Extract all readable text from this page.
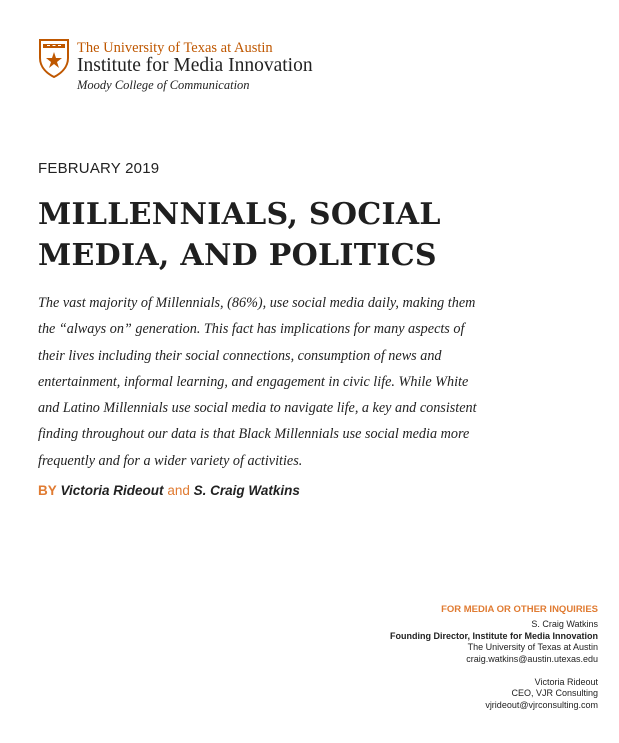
The University of Texas at Austin
Institute for Media Innovation
Moody College of Communication
FEBRUARY 2019
MILLENNIALS, SOCIAL
MEDIA, AND POLITICS
The vast majority of Millennials, (86%), use social media daily, making them the “always on” generation. This fact has implications for many aspects of their lives including their social connections, consumption of news and entertainment, informal learning, and engagement in civic life. While White and Latino Millennials use social media to navigate life, a key and consistent finding throughout our data is that Black Millennials use social media more frequently and for a wider variety of activities.
BY Victoria Rideout and S. Craig Watkins
FOR MEDIA OR OTHER INQUIRIES
S. Craig Watkins
Founding Director, Institute for Media Innovation
The University of Texas at Austin
craig.watkins@austin.utexas.edu
Victoria Rideout
CEO, VJR Consulting
vjrideout@vjrconsulting.com
